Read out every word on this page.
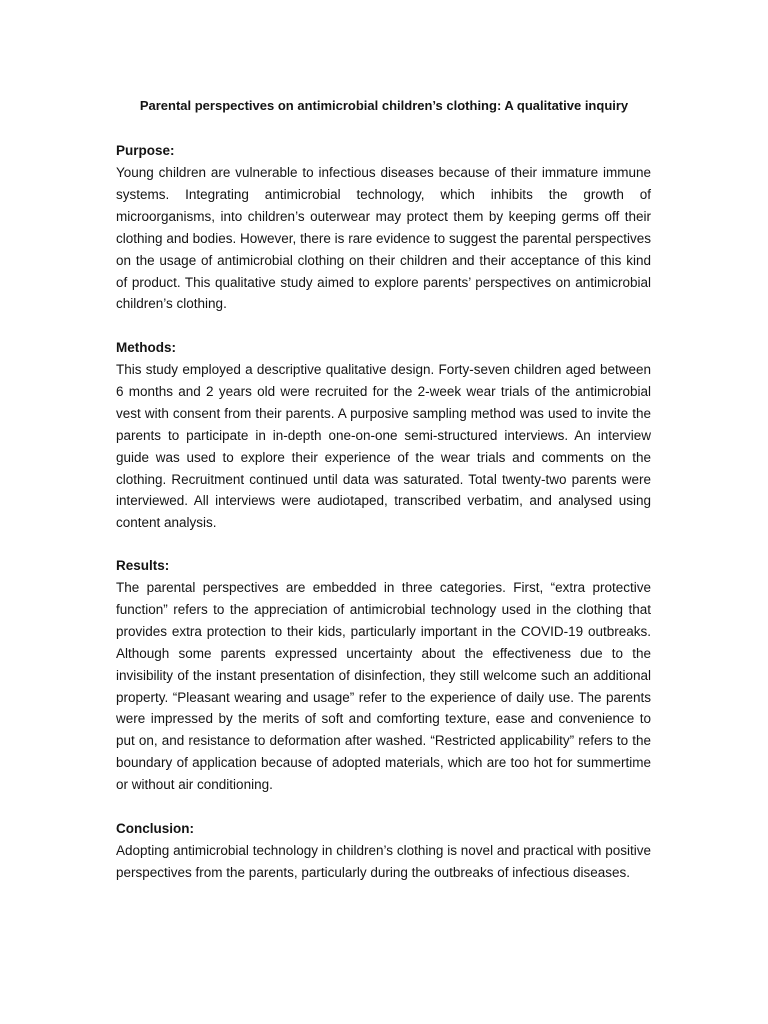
Parental perspectives on antimicrobial children’s clothing: A qualitative inquiry

Purpose:

Young children are vulnerable to infectious diseases because of their immature immune systems. Integrating antimicrobial technology, which inhibits the growth of microorganisms, into children’s outerwear may protect them by keeping germs off their clothing and bodies. However, there is rare evidence to suggest the parental perspectives on the usage of antimicrobial clothing on their children and their acceptance of this kind of product. This qualitative study aimed to explore parents’ perspectives on antimicrobial children’s clothing.

Methods:

This study employed a descriptive qualitative design. Forty-seven children aged between 6 months and 2 years old were recruited for the 2-week wear trials of the antimicrobial vest with consent from their parents. A purposive sampling method was used to invite the parents to participate in in-depth one-on-one semi-structured interviews. An interview guide was used to explore their experience of the wear trials and comments on the clothing. Recruitment continued until data was saturated. Total twenty-two parents were interviewed. All interviews were audiotaped, transcribed verbatim, and analysed using content analysis.

Results:

The parental perspectives are embedded in three categories. First, “extra protective function” refers to the appreciation of antimicrobial technology used in the clothing that provides extra protection to their kids, particularly important in the COVID-19 outbreaks. Although some parents expressed uncertainty about the effectiveness due to the invisibility of the instant presentation of disinfection, they still welcome such an additional property. “Pleasant wearing and usage” refer to the experience of daily use. The parents were impressed by the merits of soft and comforting texture, ease and convenience to put on, and resistance to deformation after washed. “Restricted applicability” refers to the boundary of application because of adopted materials, which are too hot for summertime or without air conditioning.

Conclusion:

Adopting antimicrobial technology in children’s clothing is novel and practical with positive perspectives from the parents, particularly during the outbreaks of infectious diseases.
